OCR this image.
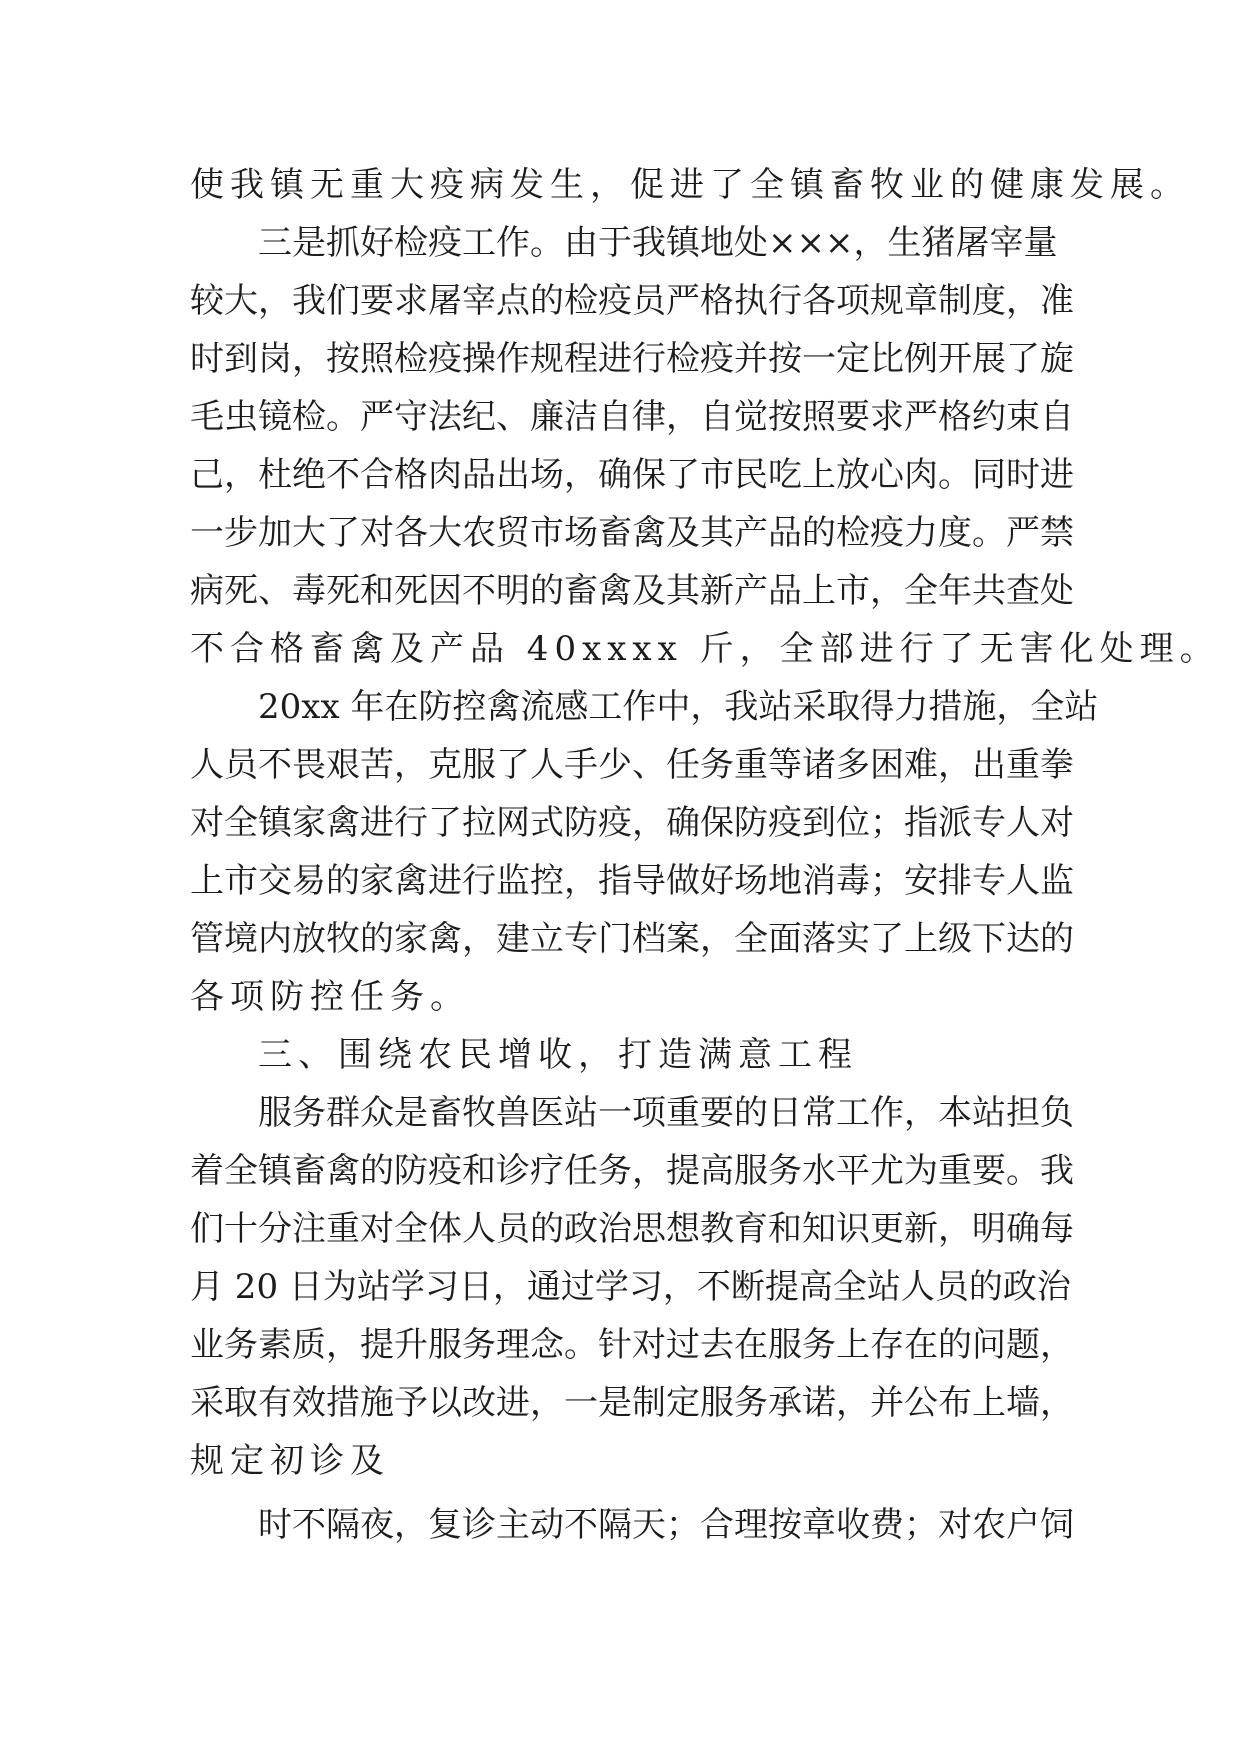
使我镇无重大疫病发生，促进了全镇畜牧业的健康发展。
三是抓好检疫工作。由于我镇地处×××，生猪屠宰量
较大，我们要求屠宰点的检疫员严格执行各项规章制度，准
时到岗，按照检疫操作规程进行检疫并按一定比例开展了旋
毛虫镜检。严守法纪、廉洁自律，自觉按照要求严格约束自
己，杜绝不合格肉品出场，确保了市民吃上放心肉。同时进
一步加大了对各大农贸市场畜禽及其产品的检疫力度。严禁
病死、毒死和死因不明的畜禽及其新产品上市，全年共查处
不合格畜禽及产品 40xxxx 斤，全部进行了无害化处理。
20xx 年在防控禽流感工作中，我站采取得力措施，全站
人员不畏艰苦，克服了人手少、任务重等诸多困难，出重拳
对全镇家禽进行了拉网式防疫，确保防疫到位；指派专人对
上市交易的家禽进行监控，指导做好场地消毒；安排专人监
管境内放牧的家禽，建立专门档案，全面落实了上级下达的
各项防控任务。
三、围绕农民增收，打造满意工程
服务群众是畜牧兽医站一项重要的日常工作，本站担负
着全镇畜禽的防疫和诊疗任务，提高服务水平尤为重要。我
们十分注重对全体人员的政治思想教育和知识更新，明确每
月 20 日为站学习日，通过学习，不断提高全站人员的政治
业务素质，提升服务理念。针对过去在服务上存在的问题，
采取有效措施予以改进，一是制定服务承诺，并公布上墙，
规定初诊及
时不隔夜，复诊主动不隔天；合理按章收费；对农户饲
